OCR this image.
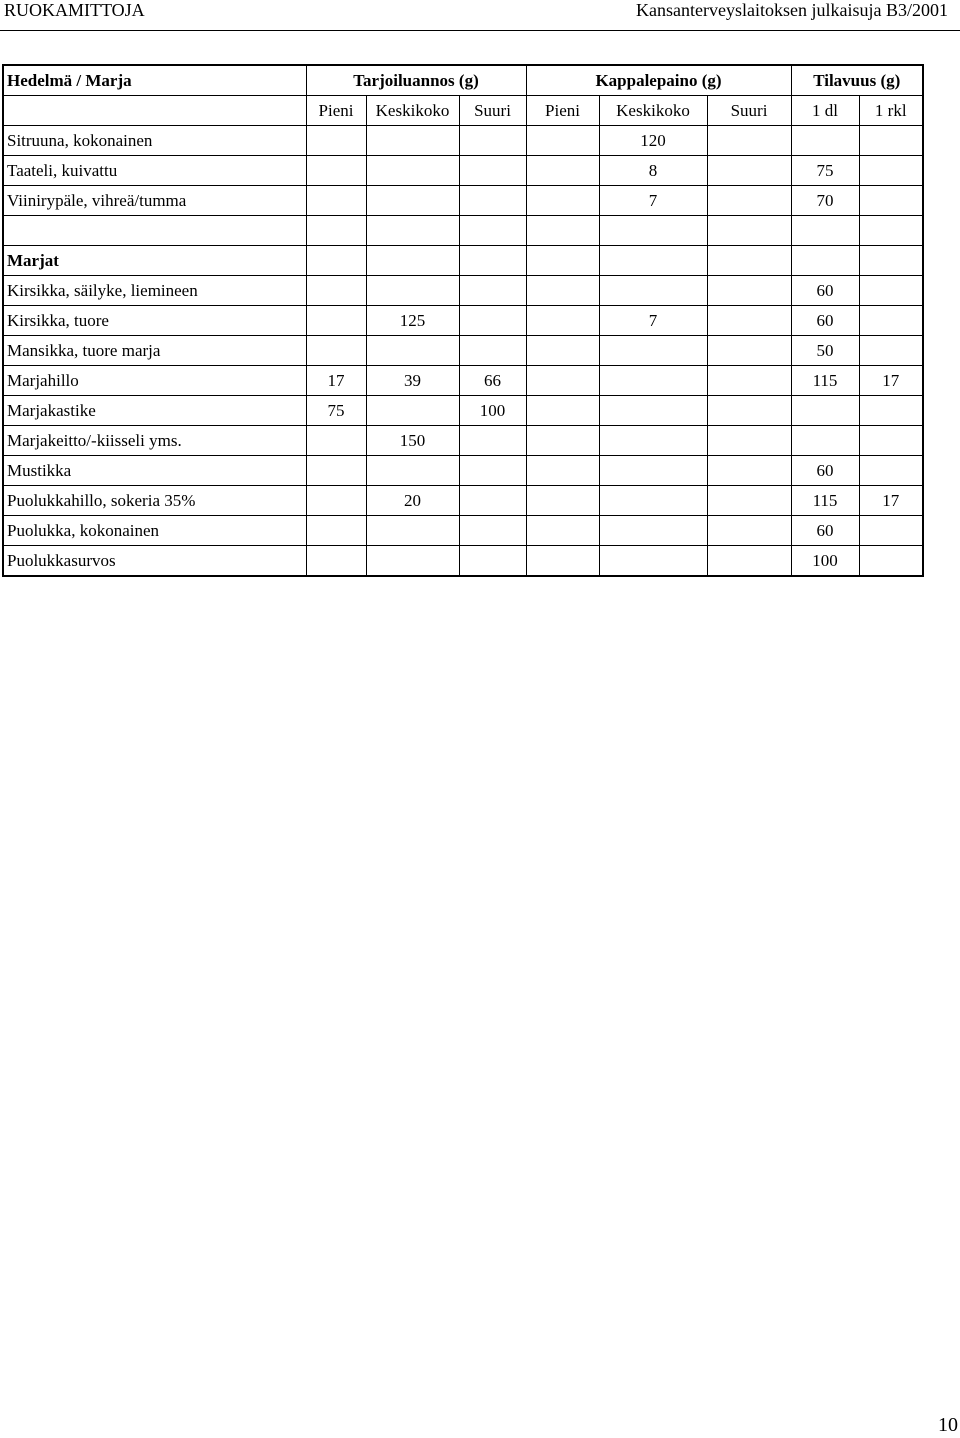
RUOKAMITTOJA	Kansanterveyslaitoksen julkaisuja B3/2001
Hedelmä / Marja	Tarjoiluannos (g)			Kappalepaino (g)			Tilavuus (g)	
	Pieni	Keskikoko	Suuri	Pieni	Keskikoko	Suuri	1 dl	1 rkl
Sitruuna, kokonainen					120			
Taateli, kuivattu					8		75	
Viinirypäle, vihreä/tumma					7		70	

Marjat								
Kirsikka, säilyke, liemineen							60	
Kirsikka, tuore		125			7		60	
Mansikka, tuore marja							50	
Marjahillo	17	39	66				115	17
Marjakastike	75		100					
Marjakeitto/-kiisseli yms.		150						
Mustikka							60	
Puolukkahillo, sokeria 35%		20					115	17
Puolukka, kokonainen							60	
Puolukkasurvos							100	
10
